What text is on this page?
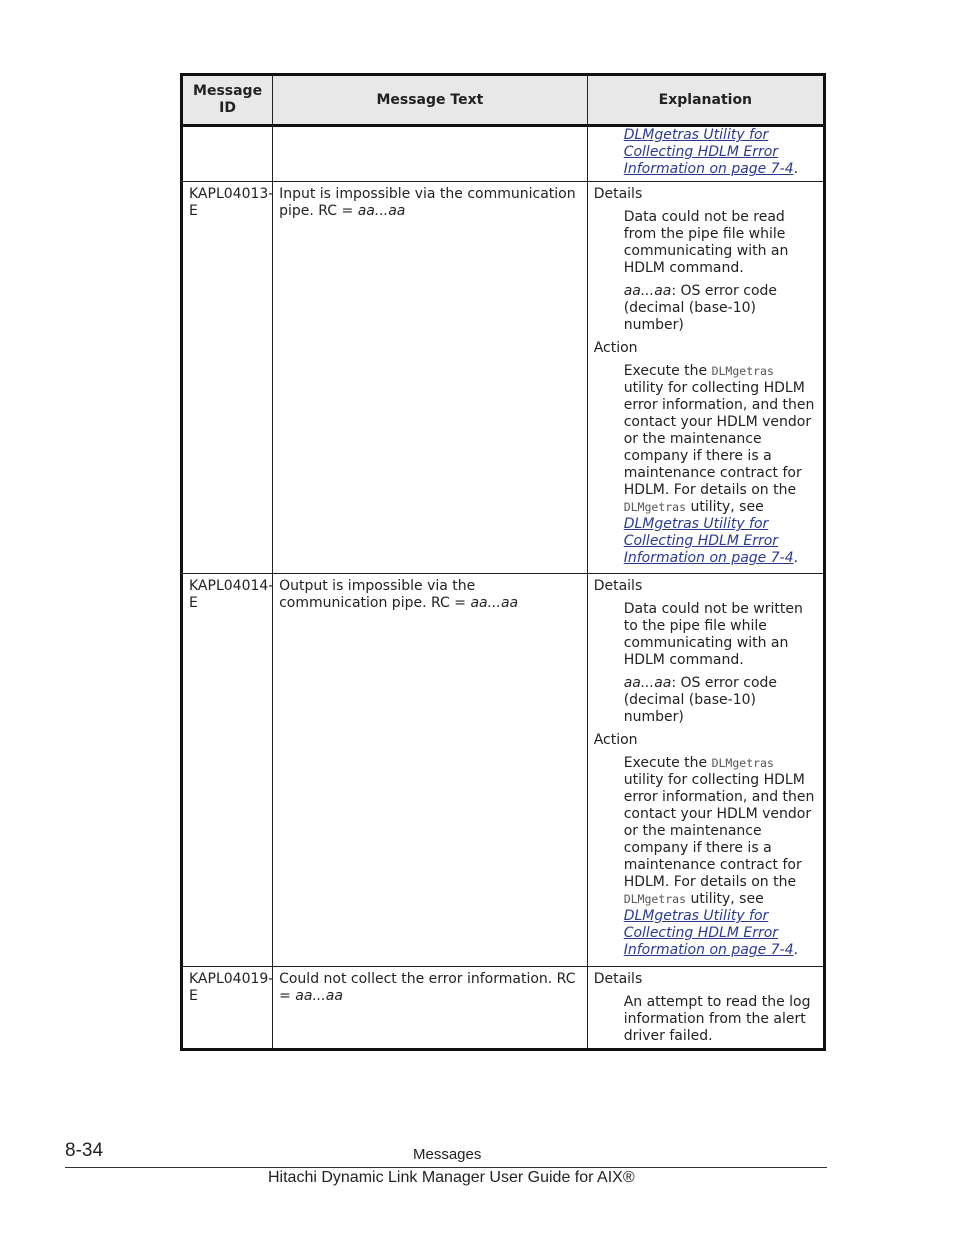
Message ID	Message Text	Explanation

		DLMgetras Utility for Collecting HDLM Error Information on page 7-4.

KAPL04013-E	Input is impossible via the communication pipe. RC = aa...aa	Details
Data could not be read from the pipe file while communicating with an HDLM command.
aa...aa: OS error code (decimal (base-10) number)
Action
Execute the DLMgetras utility for collecting HDLM error information, and then contact your HDLM vendor or the maintenance company if there is a maintenance contract for HDLM. For details on the DLMgetras utility, see DLMgetras Utility for Collecting HDLM Error Information on page 7-4.

KAPL04014-E	Output is impossible via the communication pipe. RC = aa...aa	Details
Data could not be written to the pipe file while communicating with an HDLM command.
aa...aa: OS error code (decimal (base-10) number)
Action
Execute the DLMgetras utility for collecting HDLM error information, and then contact your HDLM vendor or the maintenance company if there is a maintenance contract for HDLM. For details on the DLMgetras utility, see DLMgetras Utility for Collecting HDLM Error Information on page 7-4.

KAPL04019-E	Could not collect the error information. RC = aa...aa	Details
An attempt to read the log information from the alert driver failed.
8-34	Messages
Hitachi Dynamic Link Manager User Guide for AIX®
